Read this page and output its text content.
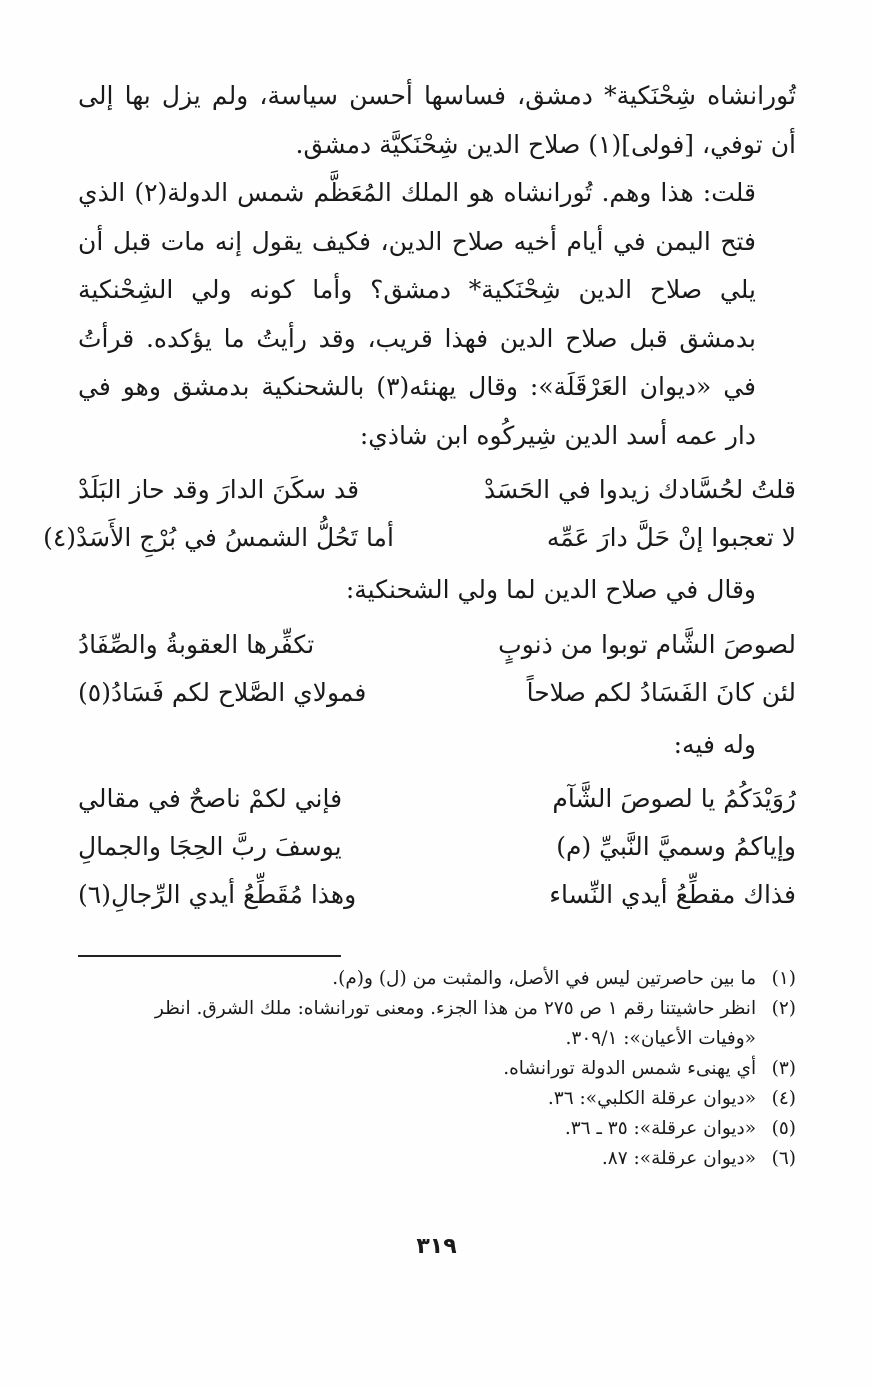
تُورانشاه شِحْنَكية* دمشق، فساسها أحسن سياسة، ولم يزل بها إلى أن توفي، [فولى](١) صلاح الدين شِحْنَكيَّة دمشق.

قلت: هذا وهم. تُورانشاه هو الملك المُعَظَّم شمس الدولة(٢) الذي فتح اليمن في أيام أخيه صلاح الدين، فكيف يقول إنه مات قبل أن يلي صلاح الدين شِحْنَكية* دمشق؟ وأما كونه ولي الشِحْنكية بدمشق قبل صلاح الدين فهذا قريب، وقد رأيتُ ما يؤكده. قرأتُ في «ديوان العَرْقَلَة»: وقال يهنئه(٣) بالشحنكية بدمشق وهو في دار عمه أسد الدين شِيركُوه ابن شاذي:

قلتُ لحُسَّادك زيدوا في الحَسَدْ
قد سكَنَ الدارَ وقد حاز البَلَدْ
لا تعجبوا إنْ حَلَّ دارَ عَمِّه
أما تَحُلُّ الشمسُ في بُرْجِ الأَسَدْ(٤)

وقال في صلاح الدين لما ولي الشحنكية:

لصوصَ الشَّام توبوا من ذنوبٍ
تكفِّرها العقوبةُ والصِّفَادُ
لئن كانَ الفَسَادُ لكم صلاحاً
فمولاي الصَّلاح لكم فَسَادُ(٥)

وله فيه:

رُوَيْدَكُمُ يا لصوصَ الشَّآم
فإني لكمْ ناصحٌ في مقالي
وإياكمُ وسميَّ النَّبيِّ (م)
يوسفَ ربَّ الحِجَا والجمالِ
فذاك مقطِّعُ أيدي النِّساء
وهذا مُقَطِّعُ أيدي الرِّجالِ(٦)

(١) ما بين حاصرتين ليس في الأصل، والمثبت من (ل) و(م).

(٢) انظر حاشيتنا رقم ١ ص ٢٧٥ من هذا الجزء. ومعنى تورانشاه: ملك الشرق. انظر

«وفيات الأعيان»: ٣٠٩/١.

(٣) أي يهنىء شمس الدولة تورانشاه.

(٤) «ديوان عرقلة الكلبي»: ٣٦.

(٥) «ديوان عرقلة»: ٣٥ ـ ٣٦.

(٦) «ديوان عرقلة»: ٨٧.

٣١٩
